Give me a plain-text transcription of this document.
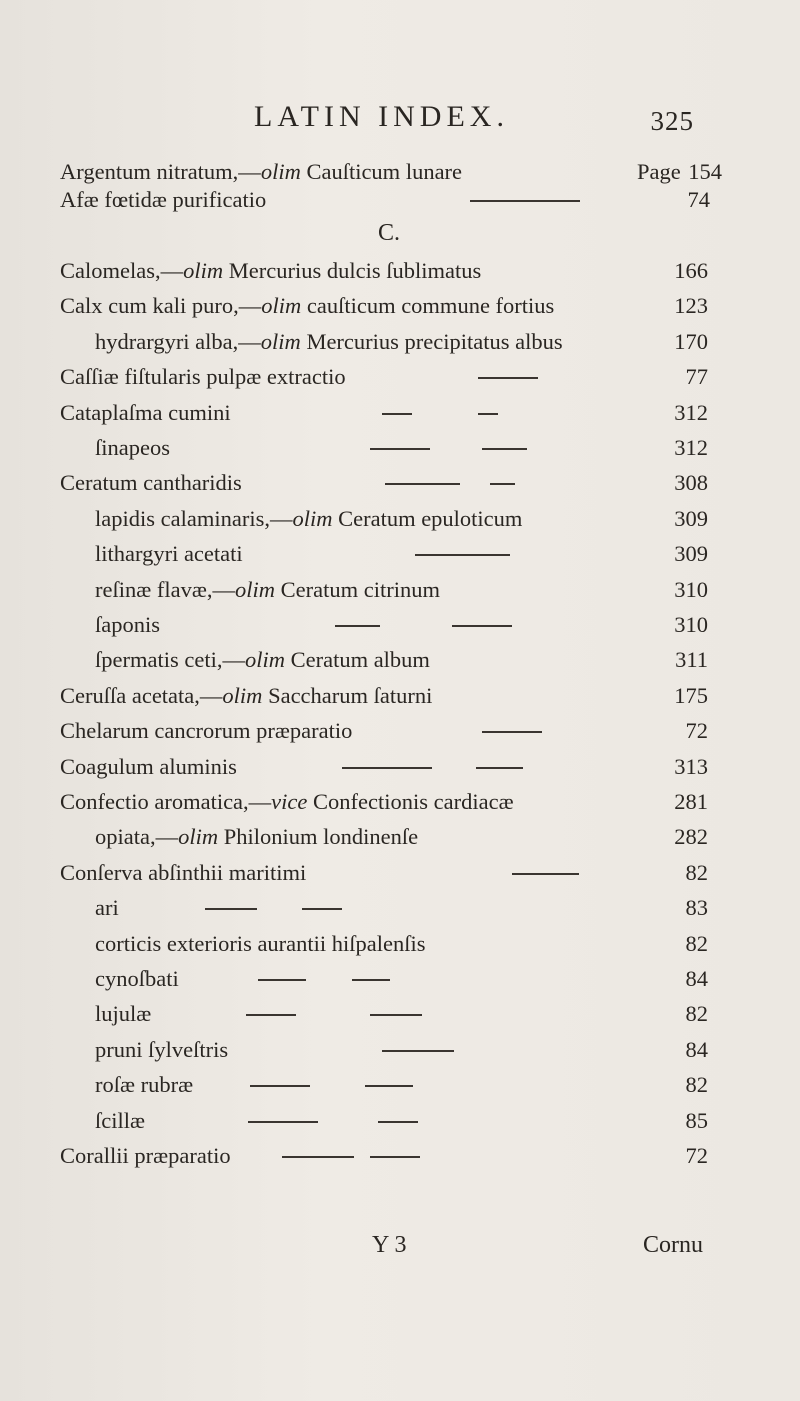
LATIN INDEX.	325
Argentum nitratum,—olim Cauſticum lunare	Page 154
Afæ fœtidæ purificatio	74
C.
Calomelas,—olim Mercurius dulcis ſublimatus	166
Calx cum kali puro,—olim cauſticum commune fortius	123
hydrargyri alba,—olim Mercurius precipitatus albus	170
Caſſiæ fiſtularis pulpæ extractio	77
Cataplaſma cumini	312
ſinapeos	312
Ceratum cantharidis	308
lapidis calaminaris,—olim Ceratum epuloticum	309
lithargyri acetati	309
reſinæ flavæ,—olim Ceratum citrinum	310
ſaponis	310
ſpermatis ceti,—olim Ceratum album	311
Ceruſſa acetata,—olim Saccharum ſaturni	175
Chelarum cancrorum præparatio	72
Coagulum aluminis	313
Confectio aromatica,—vice Confectionis cardiacæ	281
opiata,—olim Philonium londinenſe	282
Conſerva abſinthii maritimi	82
ari	83
corticis exterioris aurantii hiſpalenſis	82
cynoſbati	84
lujulæ	82
pruni ſylveſtris	84
roſæ rubræ	82
ſcillæ	85
Corallii præparatio	72
Y 3	Cornu
